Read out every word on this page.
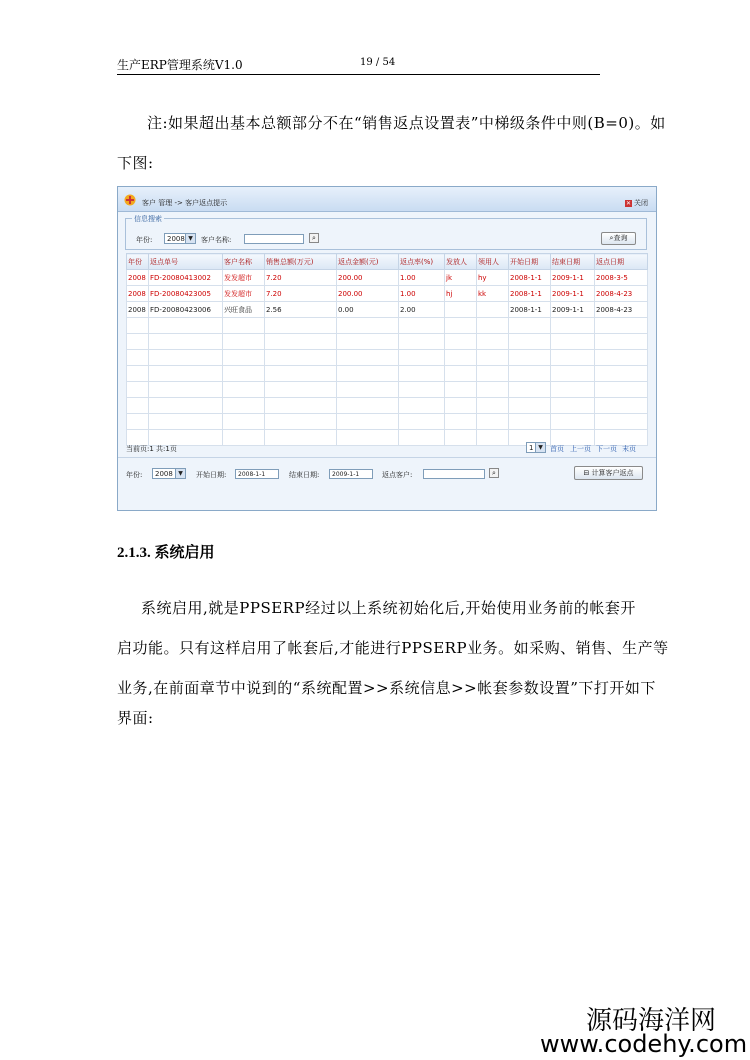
生产ERP管理系统V1.0	19 / 54
注:如果超出基本总额部分不在“销售返点设置表”中梯级条件中则(B=0)。如
下图:
客户 管理 -> 客户返点提示	✕ 关闭
信息搜索
年份:	2008 ▼	客户名称:	⌕	⌕查询
年份	返点单号	客户名称	销售总额(万元)	返点金额(元)	返点率(%)	发放人	领用人	开始日期	结束日期	返点日期
2008	FD-20080413002	发发超市	7.20	200.00	1.00	jk	hy	2008-1-1	2009-1-1	2008-3-5
2008	FD-20080423005	发发超市	7.20	200.00	1.00	hj	kk	2008-1-1	2009-1-1	2008-4-23
2008	FD-20080423006	兴旺食品	2.56	0.00	2.00			2008-1-1	2009-1-1	2008-4-23

当前页:1 共:1页	1 ▼	首页 上一页 下一页 末页
年份:	2008 ▼	开始日期:	2008-1-1	结束日期:	2009-1-1	返点客户:	⌕	⊟ 计算客户返点
2.1.3. 系统启用
系统启用,就是PPSERP经过以上系统初始化后,开始使用业务前的帐套开
启功能。只有这样启用了帐套后,才能进行PPSERP业务。如采购、销售、生产等
业务,在前面章节中说到的“系统配置>>系统信息>>帐套参数设置”下打开如下
界面:
源码海洋网
www.codehy.com
